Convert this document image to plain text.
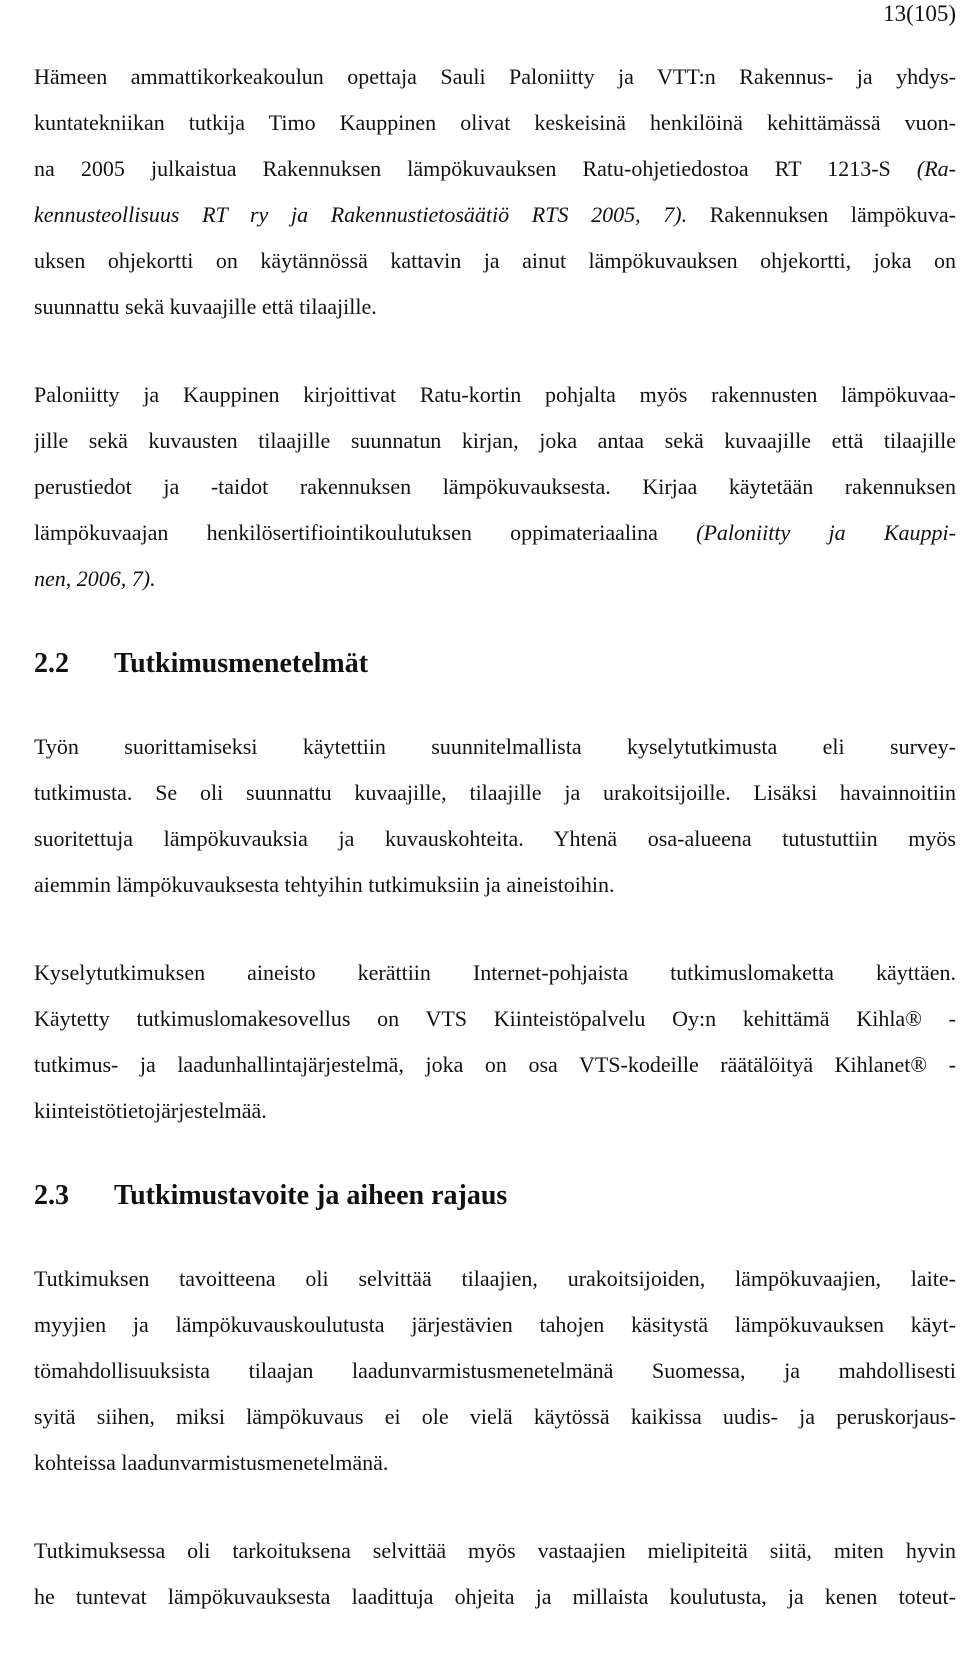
13(105)
Hämeen ammattikorkeakoulun opettaja Sauli Paloniitty ja VTT:n Rakennus- ja yhdys-
kuntatekniikan tutkija Timo Kauppinen olivat keskeisinä henkilöinä kehittämässä vuon-
na 2005 julkaistua Rakennuksen lämpökuvauksen Ratu-ohjetiedostoa RT 1213-S (Ra-
kennusteollisuus RT ry ja Rakennustietosäätiö RTS 2005, 7). Rakennuksen lämpökuva-
uksen ohjekortti on käytännössä kattavin ja ainut lämpökuvauksen ohjekortti, joka on
suunnattu sekä kuvaajille että tilaajille.
Paloniitty ja Kauppinen kirjoittivat Ratu-kortin pohjalta myös rakennusten lämpökuvaa-
jille sekä kuvausten tilaajille suunnatun kirjan, joka antaa sekä kuvaajille että tilaajille
perustiedot ja -taidot rakennuksen lämpökuvauksesta. Kirjaa käytetään rakennuksen
lämpökuvaajan henkilösertifiointikoulutuksen oppimateriaalina (Paloniitty ja Kauppi-
nen, 2006, 7).
2.2 Tutkimusmenetelmät
Työn suorittamiseksi käytettiin suunnitelmallista kyselytutkimusta eli survey-
tutkimusta. Se oli suunnattu kuvaajille, tilaajille ja urakoitsijoille. Lisäksi havainnoitiin
suoritettuja lämpökuvauksia ja kuvauskohteita. Yhtenä osa-alueena tutustuttiin myös
aiemmin lämpökuvauksesta tehtyihin tutkimuksiin ja aineistoihin.
Kyselytutkimuksen aineisto kerättiin Internet-pohjaista tutkimuslomaketta käyttäen.
Käytetty tutkimuslomakesovellus on VTS Kiinteistöpalvelu Oy:n kehittämä Kihla® -
tutkimus- ja laadunhallintajärjestelmä, joka on osa VTS-kodeille räätälöityä Kihlanet® -
kiinteistötietojärjestelmää.
2.3 Tutkimustavoite ja aiheen rajaus
Tutkimuksen tavoitteena oli selvittää tilaajien, urakoitsijoiden, lämpökuvaajien, laite-
myyjien ja lämpökuvauskoulutusta järjestävien tahojen käsitystä lämpökuvauksen käyt-
tömahdollisuuksista tilaajan laadunvarmistusmenetelmänä Suomessa, ja mahdollisesti
syitä siihen, miksi lämpökuvaus ei ole vielä käytössä kaikissa uudis- ja peruskorjaus-
kohteissa laadunvarmistusmenetelmänä.
Tutkimuksessa oli tarkoituksena selvittää myös vastaajien mielipiteitä siitä, miten hyvin
he tuntevat lämpökuvauksesta laadittuja ohjeita ja millaista koulutusta, ja kenen toteut-
